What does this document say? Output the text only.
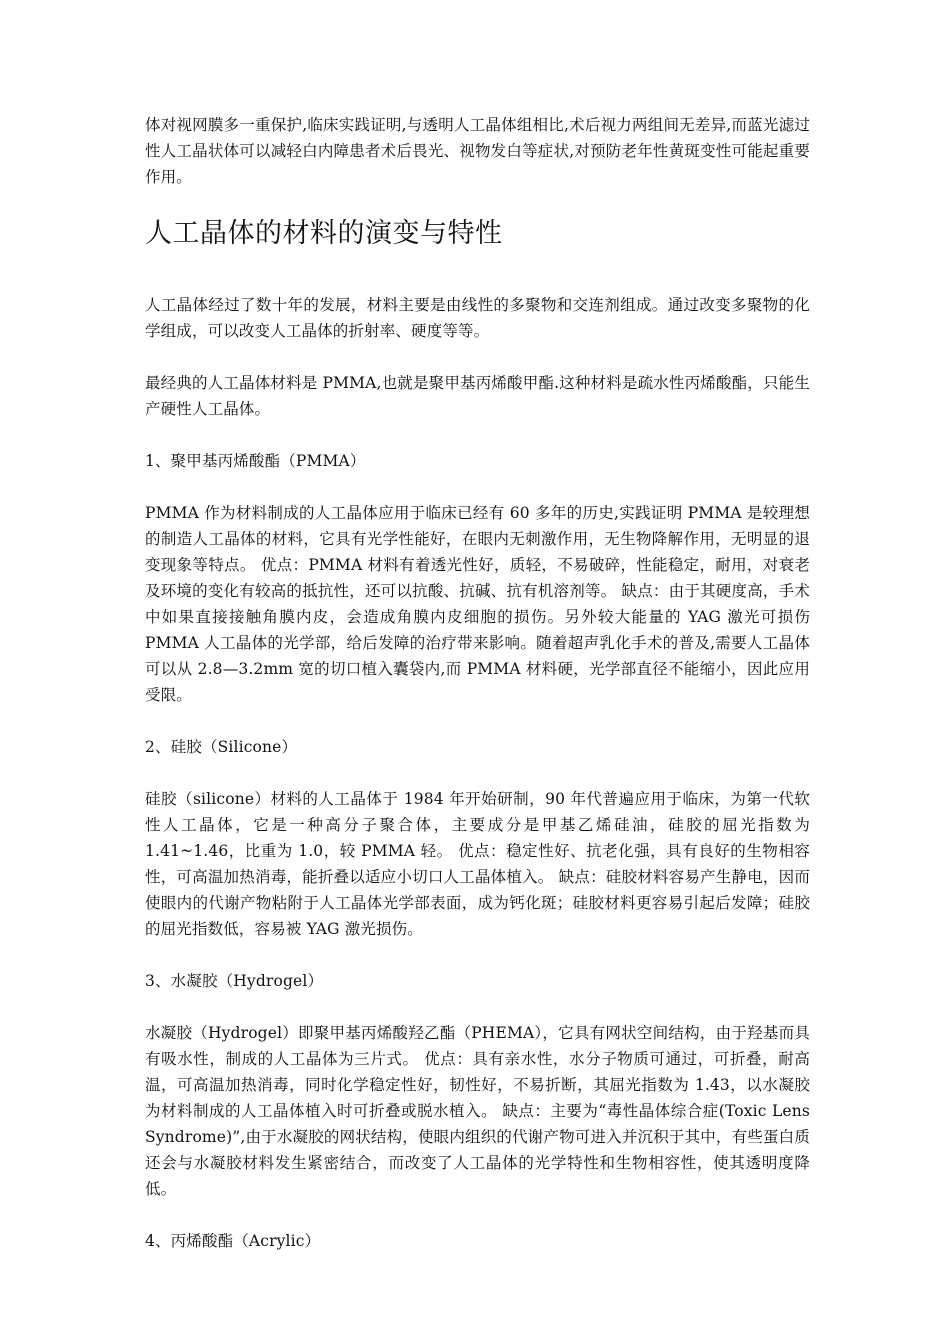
体对视网膜多一重保护,临床实践证明,与透明人工晶体组相比,术后视力两组间无差异,而蓝光滤过性人工晶状体可以减轻白内障患者术后畏光、视物发白等症状,对预防老年性黄斑变性可能起重要作用。

人工晶体的材料的演变与特性

人工晶体经过了数十年的发展，材料主要是由线性的多聚物和交连剂组成。通过改变多聚物的化学组成，可以改变人工晶体的折射率、硬度等等。

最经典的人工晶体材料是 PMMA,也就是聚甲基丙烯酸甲酯.这种材料是疏水性丙烯酸酯，只能生产硬性人工晶体。

1、聚甲基丙烯酸酯（PMMA）

PMMA 作为材料制成的人工晶体应用于临床已经有 60 多年的历史,实践证明 PMMA 是较理想的制造人工晶体的材料，它具有光学性能好，在眼内无刺激作用，无生物降解作用，无明显的退变现象等特点。 优点：PMMA 材料有着透光性好，质轻，不易破碎，性能稳定，耐用，对衰老及环境的变化有较高的抵抗性，还可以抗酸、抗碱、抗有机溶剂等。 缺点：由于其硬度高，手术中如果直接接触角膜内皮，会造成角膜内皮细胞的损伤。另外较大能量的 YAG 激光可损伤 PMMA 人工晶体的光学部，给后发障的治疗带来影响。随着超声乳化手术的普及,需要人工晶体可以从 2.8—3.2mm 宽的切口植入囊袋内,而 PMMA 材料硬，光学部直径不能缩小，因此应用受限。

2、硅胶（Silicone）

硅胶（silicone）材料的人工晶体于 1984 年开始研制，90 年代普遍应用于临床，为第一代软性人工晶体，它是一种高分子聚合体，主要成分是甲基乙烯硅油，硅胶的屈光指数为 1.41~1.46，比重为 1.0，较 PMMA 轻。 优点：稳定性好、抗老化强，具有良好的生物相容性，可高温加热消毒，能折叠以适应小切口人工晶体植入。 缺点：硅胶材料容易产生静电，因而使眼内的代谢产物粘附于人工晶体光学部表面，成为钙化斑；硅胶材料更容易引起后发障；硅胶的屈光指数低，容易被 YAG 激光损伤。

3、水凝胶（Hydrogel）

水凝胶（Hydrogel）即聚甲基丙烯酸羟乙酯（PHEMA），它具有网状空间结构，由于羟基而具有吸水性，制成的人工晶体为三片式。 优点：具有亲水性，水分子物质可通过，可折叠，耐高温，可高温加热消毒，同时化学稳定性好，韧性好，不易折断，其屈光指数为 1.43，以水凝胶为材料制成的人工晶体植入时可折叠或脱水植入。 缺点：主要为“毒性晶体综合症(Toxic Lens Syndrome)”,由于水凝胶的网状结构，使眼内组织的代谢产物可进入并沉积于其中，有些蛋白质还会与水凝胶材料发生紧密结合，而改变了人工晶体的光学特性和生物相容性，使其透明度降低。

4、丙烯酸酯（Acrylic）
